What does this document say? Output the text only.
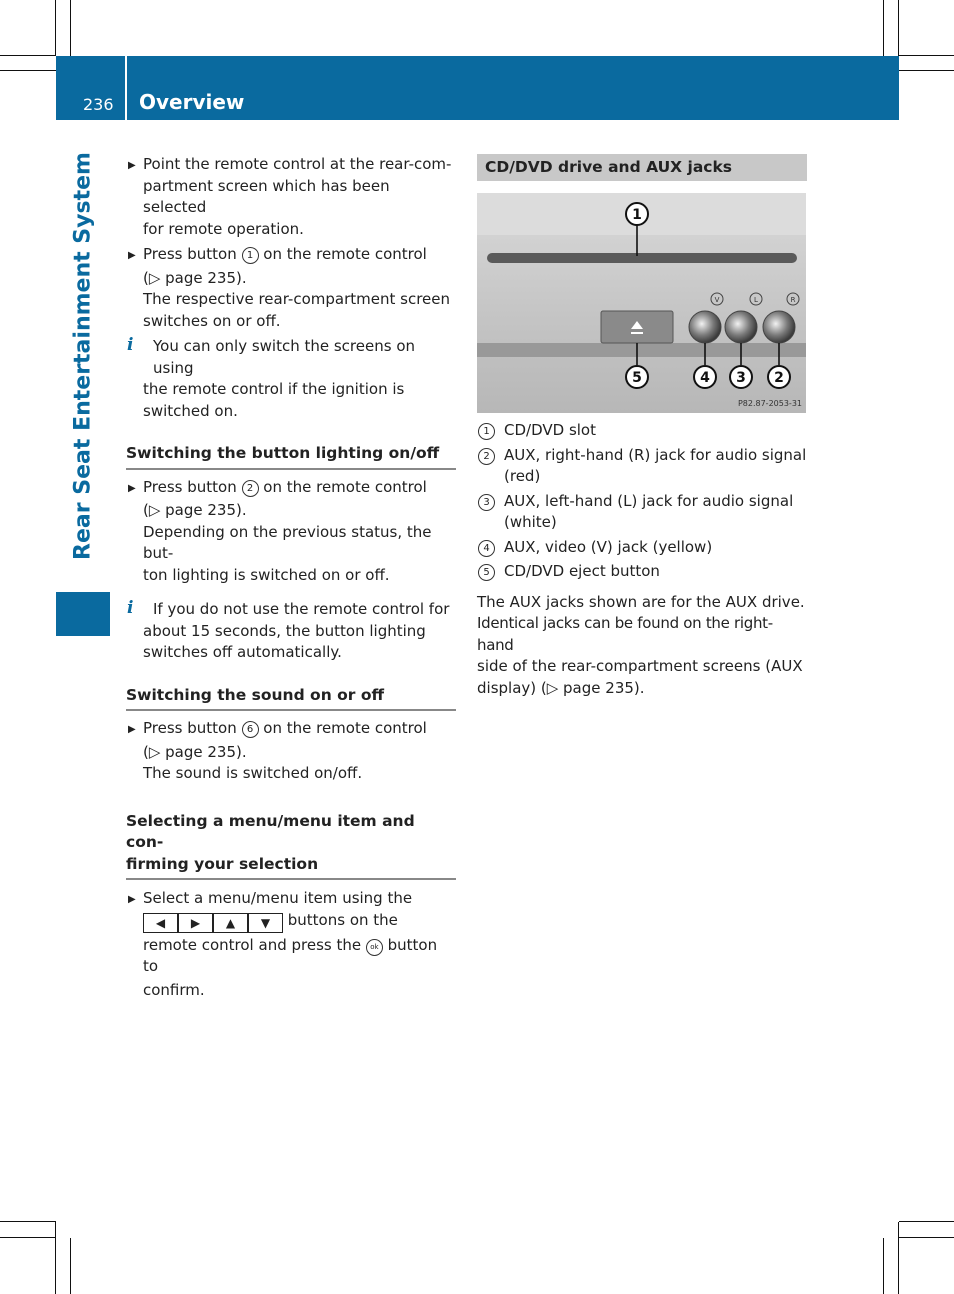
236 Overview
Rear Seat Entertainment System	▶ Point the remote control at the rear-com-

partment screen which has been selected

for remote operation.

▶ Press button 1 on the remote control

(▷ page 235).

The respective rear-compartment screen

switches on or off.

i You can only switch the screens on using

the remote control if the ignition is

switched on.

Switching the button lighting on/off
▶ Press button 2 on the remote control

(▷ page 235).

Depending on the previous status, the but-

ton lighting is switched on or off.

i	If you do not use the remote control for

about 15 seconds, the button lighting

switches off automatically.

Switching the sound on or off
▶ Press button 6 on the remote control

(▷ page 235).

The sound is switched on/off.

Selecting a menu/menu item and con-
firming your selection
▶ Select a menu/menu item using the

◀ ▶ ▲ ▼ buttons on the

remote control and press the ok button to

confirm.

CD/DVD drive and AUX jacks
V	L	R
1
5	4 3 2
P82.87-2053-31
1 CD/DVD slot

2 AUX, right-hand (R) jack for audio signal

(red)

3 AUX, left-hand (L) jack for audio signal

(white)

4 AUX, video (V) jack (yellow)

5 CD/DVD eject button

The AUX jacks shown are for the AUX drive.

Identical jacks can be found on the right-hand

side of the rear-compartment screens (AUX

display) (▷ page 235).
